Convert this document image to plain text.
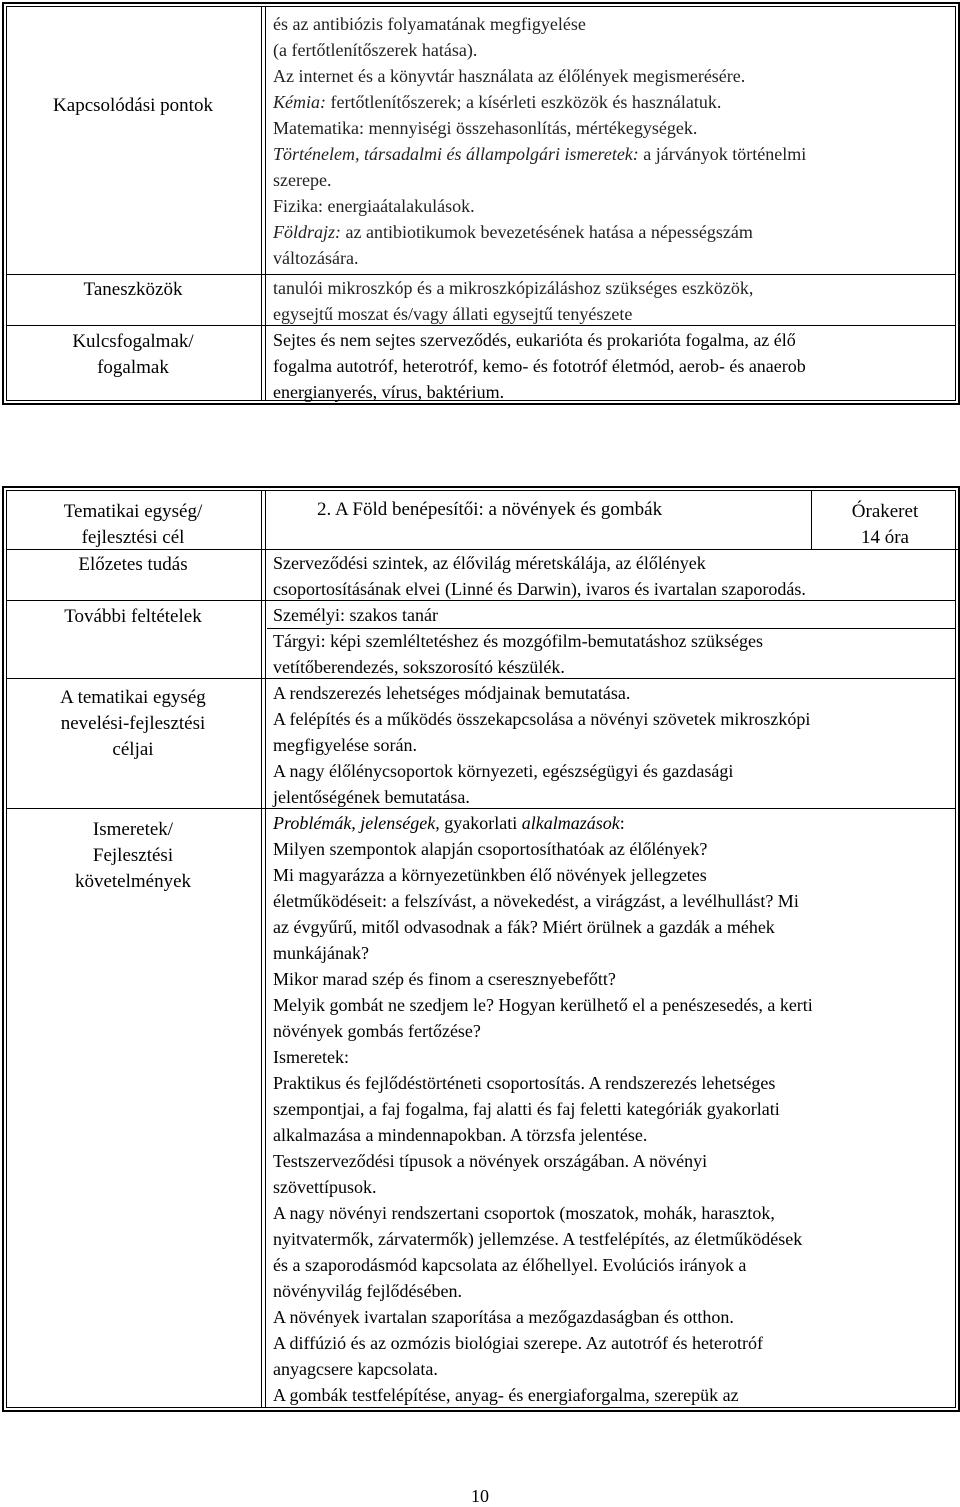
Kapcsolódási pontok
Taneszközök
Kulcsfogalmak/
fogalmak
és az antibiózis folyamatának megfigyelése
(a fertőtlenítőszerek hatása).
Az internet és a könyvtár használata az élőlények megismerésére.
Kémia: fertőtlenítőszerek; a kísérleti eszközök és használatuk.
Matematika: mennyiségi összehasonlítás, mértékegységek.
Történelem, társadalmi és állampolgári ismeretek: a járványok történelmi
szerepe.
Fizika: energiaátalakulások.
Földrajz: az antibiotikumok bevezetésének hatása a népességszám
változására.
tanulói mikroszkóp és a mikroszkópizáláshoz szükséges eszközök,
egysejtű moszat és/vagy állati egysejtű tenyészete
Sejtes és nem sejtes szerveződés, eukarióta és prokarióta fogalma, az élő
fogalma autotróf, heterotróf, kemo- és fototróf életmód, aerob- és anaerob
energianyerés, vírus, baktérium.
Tematikai egység/
fejlesztési cél
Előzetes tudás
További feltételek
A tematikai egység
nevelési-fejlesztési
céljai
Ismeretek/
Fejlesztési
követelmények
2. A Föld benépesítői: a növények és gombák	Órakeret
14 óra
Szerveződési szintek, az élővilág méretskálája, az élőlények
csoportosításának elvei (Linné és Darwin), ivaros és ivartalan szaporodás.
Személyi: szakos tanár
Tárgyi: képi szemléltetéshez és mozgófilm-bemutatáshoz szükséges
vetítőberendezés, sokszorosító készülék.
A rendszerezés lehetséges módjainak bemutatása.
A felépítés és a működés összekapcsolása a növényi szövetek mikroszkópi
megfigyelése során.
A nagy élőlénycsoportok környezeti, egészségügyi és gazdasági
jelentőségének bemutatása.
Problémák, jelenségek, gyakorlati alkalmazások:
Milyen szempontok alapján csoportosíthatóak az élőlények?
Mi magyarázza a környezetünkben élő növények jellegzetes
életműködéseit: a felszívást, a növekedést, a virágzást, a levélhullást? Mi
az évgyűrű, mitől odvasodnak a fák? Miért örülnek a gazdák a méhek
munkájának?
Mikor marad szép és finom a cseresznyebefőtt?
Melyik gombát ne szedjem le? Hogyan kerülhető el a penészesedés, a kerti
növények gombás fertőzése?
Ismeretek:
Praktikus és fejlődéstörténeti csoportosítás. A rendszerezés lehetséges
szempontjai, a faj fogalma, faj alatti és faj feletti kategóriák gyakorlati
alkalmazása a mindennapokban. A törzsfa jelentése.
Testszerveződési típusok a növények országában. A növényi
szövettípusok.
A nagy növényi rendszertani csoportok (moszatok, mohák, harasztok,
nyitvatermők, zárvatermők) jellemzése. A testfelépítés, az életműködések
és a szaporodásmód kapcsolata az élőhellyel. Evolúciós irányok a
növényvilág fejlődésében.
A növények ivartalan szaporítása a mezőgazdaságban és otthon.
A diffúzió és az ozmózis biológiai szerepe. Az autotróf és heterotróf
anyagcsere kapcsolata.
A gombák testfelépítése, anyag- és energiaforgalma, szerepük az
10
